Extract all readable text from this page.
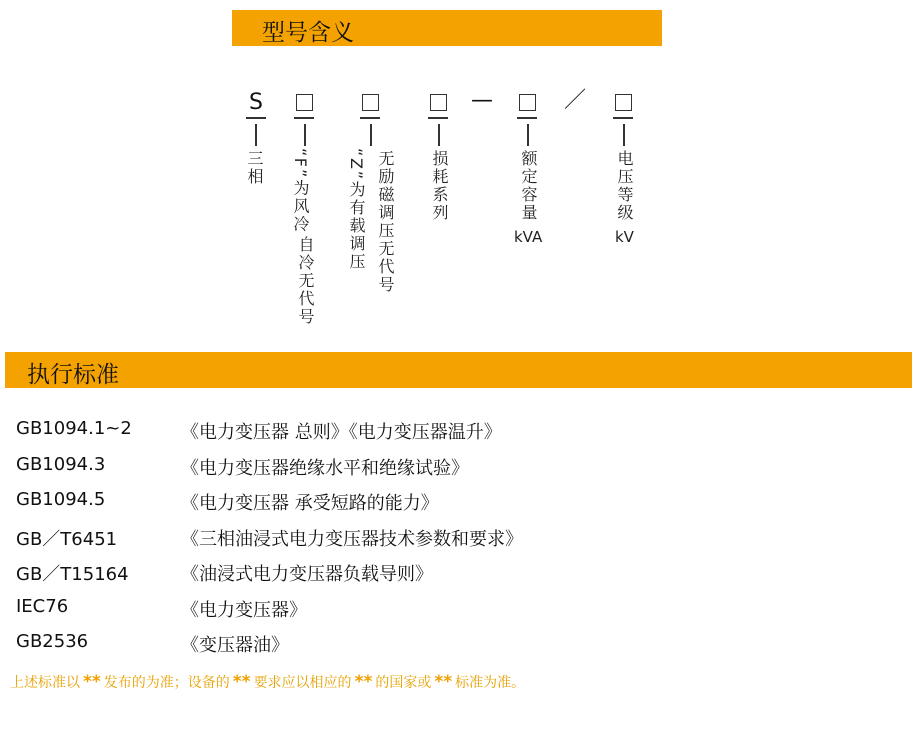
型号含义
S
三相 “F”为风冷
自冷无代号
“Z”为有载调压 无励磁调压无代号 损耗系列
—
额定容量
kVA
／
电压等级
kV
执行标准
GB1094.1~2	《电力变压器 总则》《电力变压器温升》
GB1094.3	《电力变压器绝缘水平和绝缘试验》
GB1094.5	《电力变压器 承受短路的能力》
GB／T6451	《三相油浸式电力变压器技术参数和要求》
GB／T15164	《油浸式电力变压器负载导则》
IEC76	《电力变压器》
GB2536	《变压器油》
上述标准以 ** 发布的为准；设备的 ** 要求应以相应的 ** 的国家或 ** 标准为准。
